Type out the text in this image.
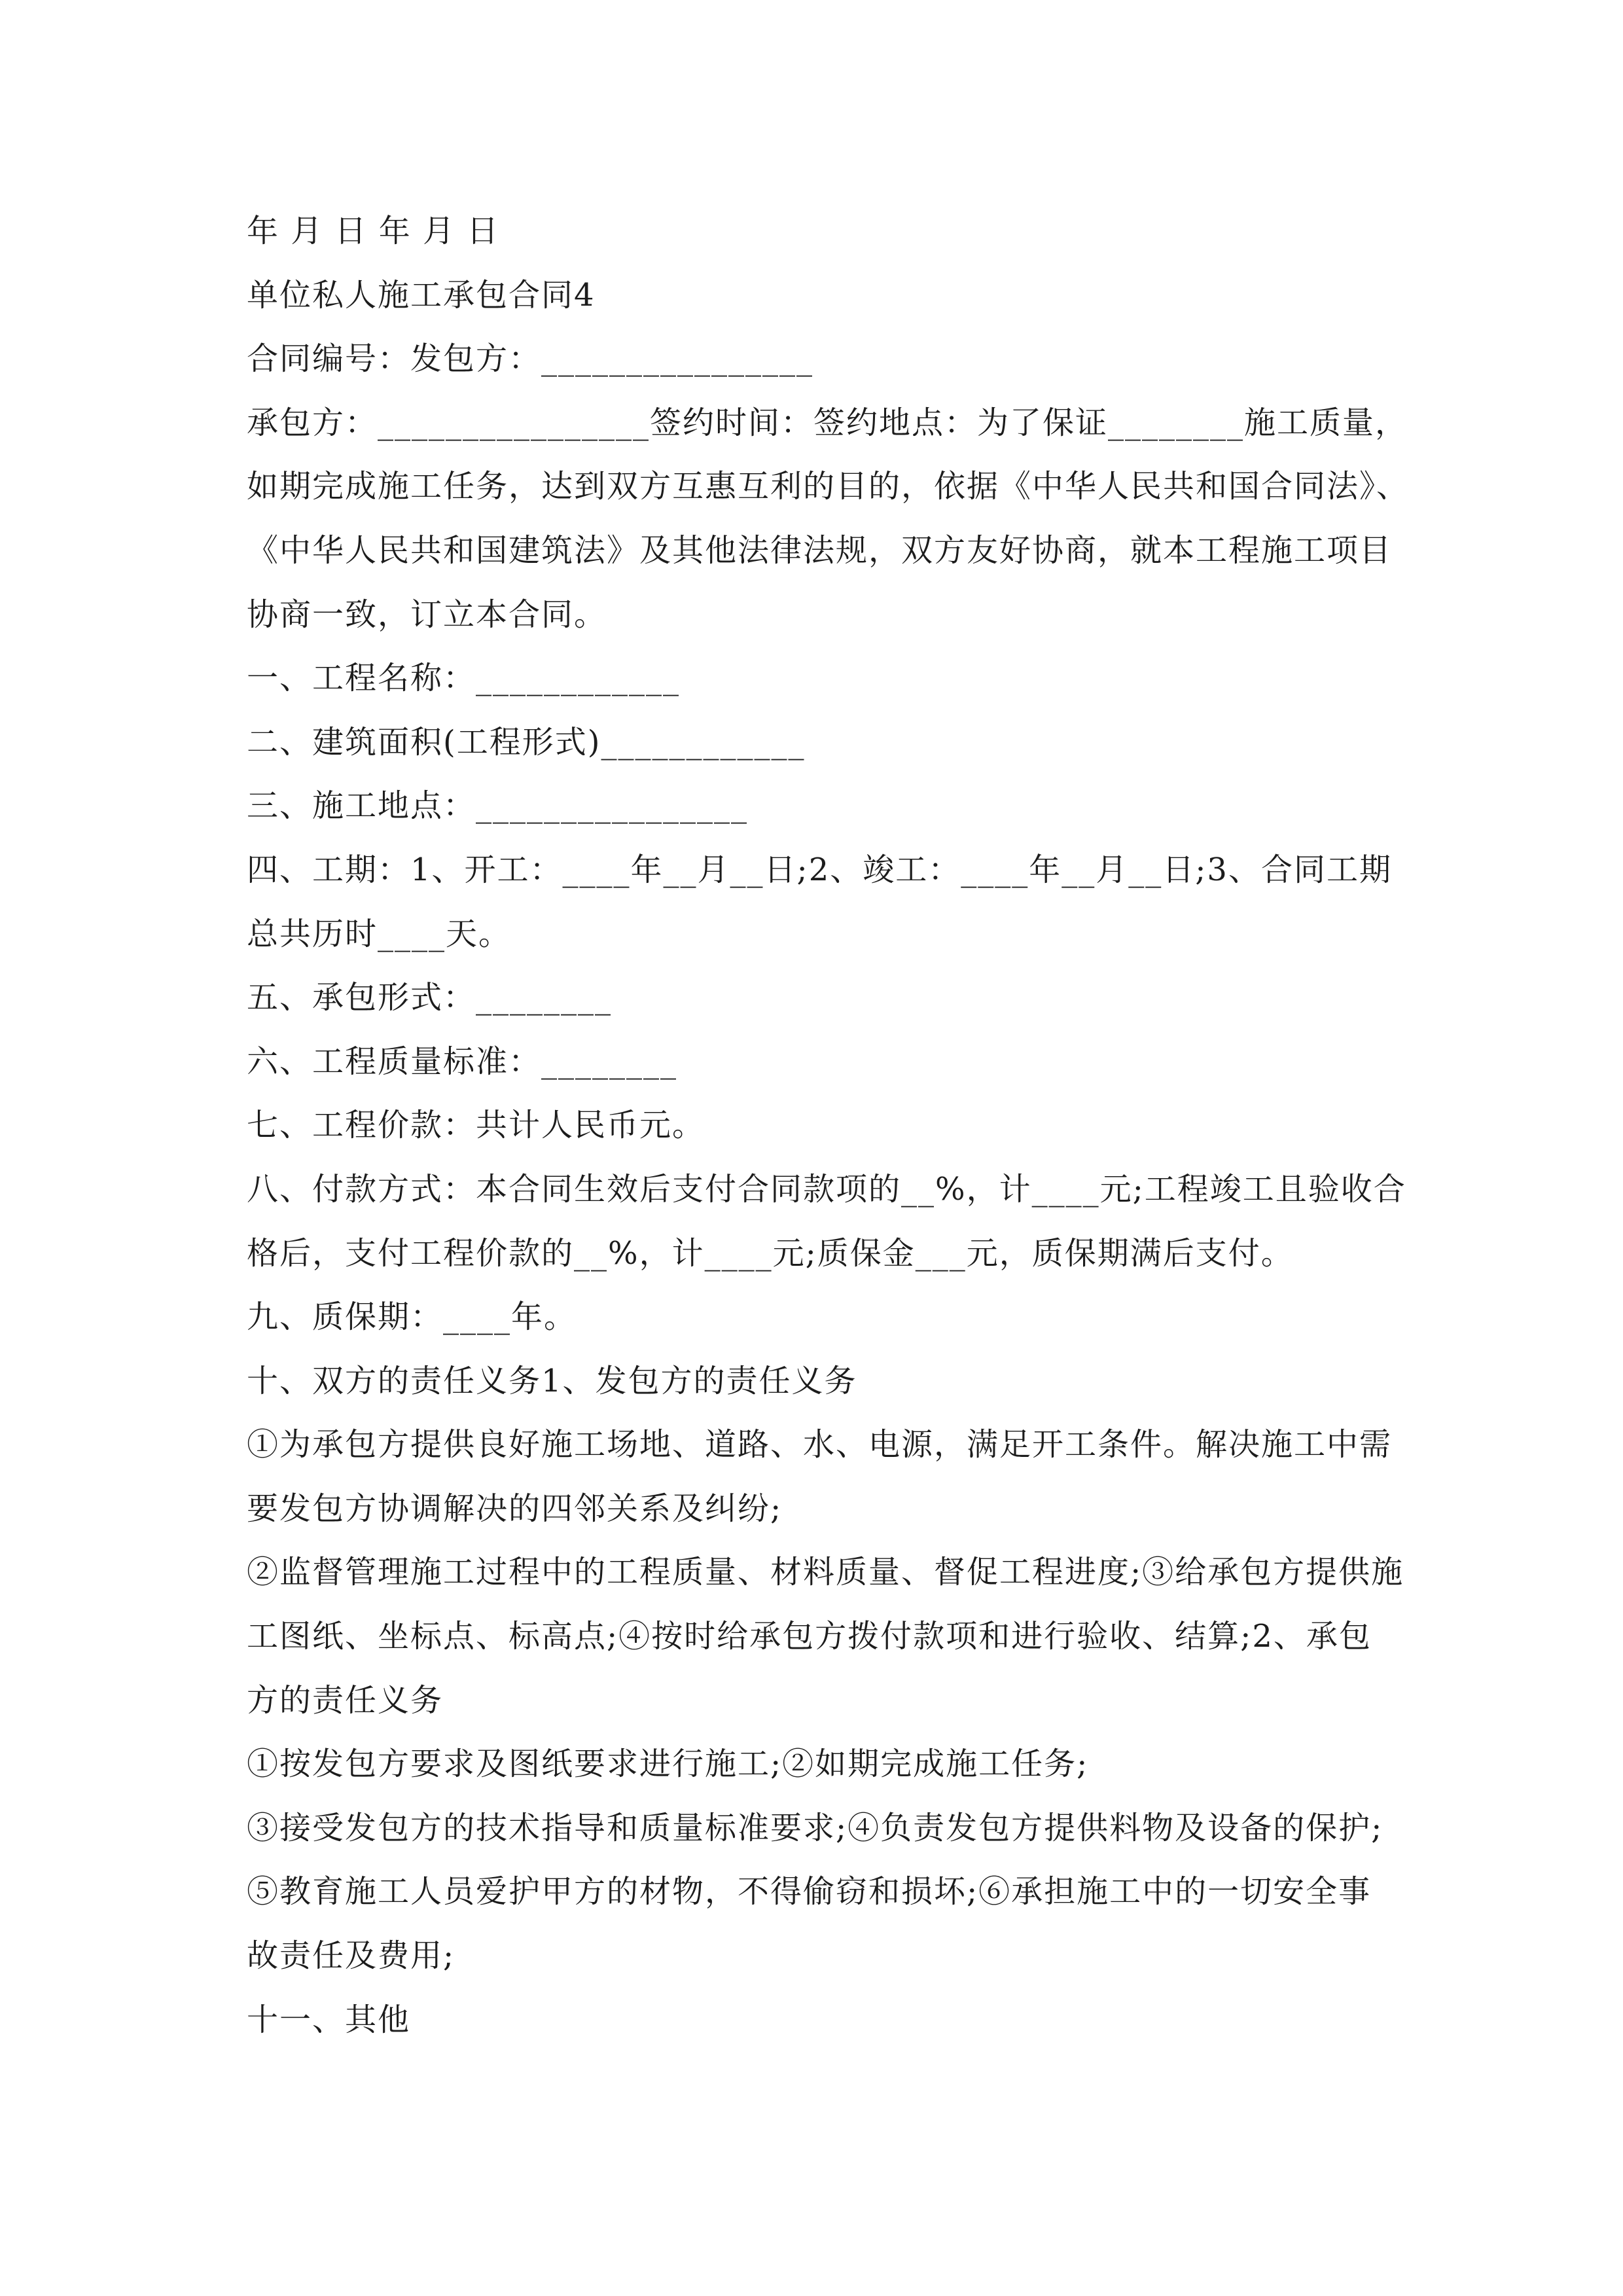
年 月 日 年 月 日
单位私人施工承包合同4
合同编号：发包方：________________
承包方：________________签约时间：签约地点：为了保证________施工质量，
如期完成施工任务，达到双方互惠互利的目的，依据《中华人民共和国合同法》、
《中华人民共和国建筑法》及其他法律法规，双方友好协商，就本工程施工项目
协商一致，订立本合同。
一、工程名称：____________
二、建筑面积(工程形式)____________
三、施工地点：________________
四、工期：1、开工：____年__月__日;2、竣工：____年__月__日;3、合同工期
总共历时____天。
五、承包形式：________
六、工程质量标准：________
七、工程价款：共计人民币元。
八、付款方式：本合同生效后支付合同款项的__%，计____元;工程竣工且验收合
格后，支付工程价款的__%，计____元;质保金___元，质保期满后支付。
九、质保期：____年。
十、双方的责任义务1、发包方的责任义务
①为承包方提供良好施工场地、道路、水、电源，满足开工条件。解决施工中需
要发包方协调解决的四邻关系及纠纷;
②监督管理施工过程中的工程质量、材料质量、督促工程进度;③给承包方提供施
工图纸、坐标点、标高点;④按时给承包方拨付款项和进行验收、结算;2、承包
方的责任义务
①按发包方要求及图纸要求进行施工;②如期完成施工任务;
③接受发包方的技术指导和质量标准要求;④负责发包方提供料物及设备的保护;
⑤教育施工人员爱护甲方的材物，不得偷窃和损坏;⑥承担施工中的一切安全事
故责任及费用;
十一、其他
